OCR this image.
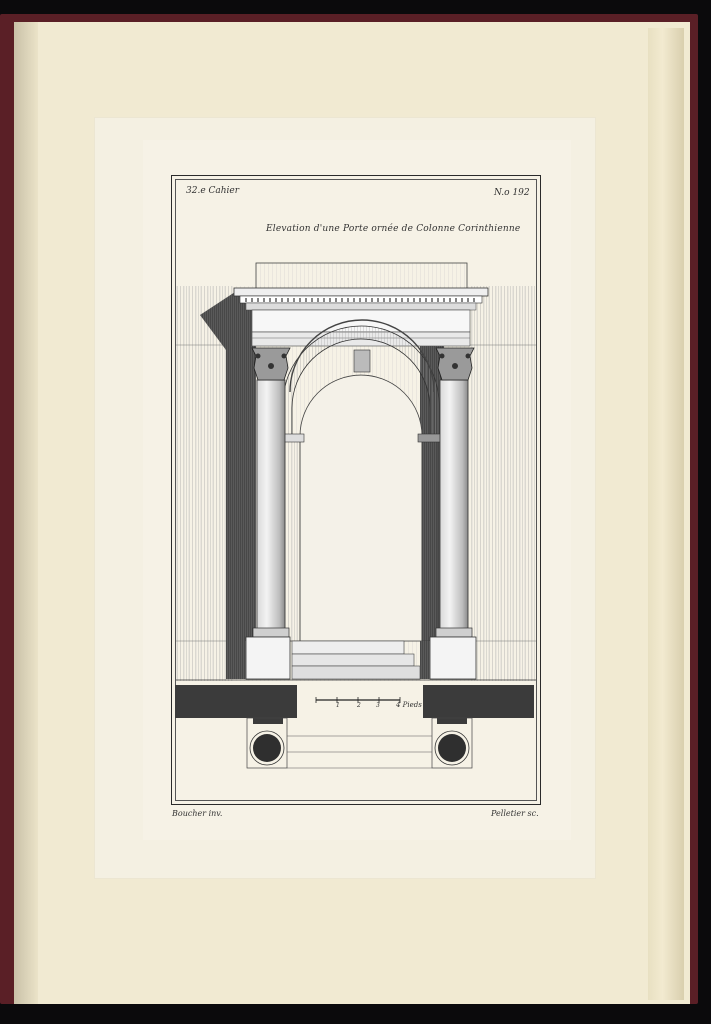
32.e Cahier	N.o 192
Elevation d'une Porte ornée de Colonne Corinthienne
1	2	3 4 Pieds
Boucher inv.	Pelletier sc.
